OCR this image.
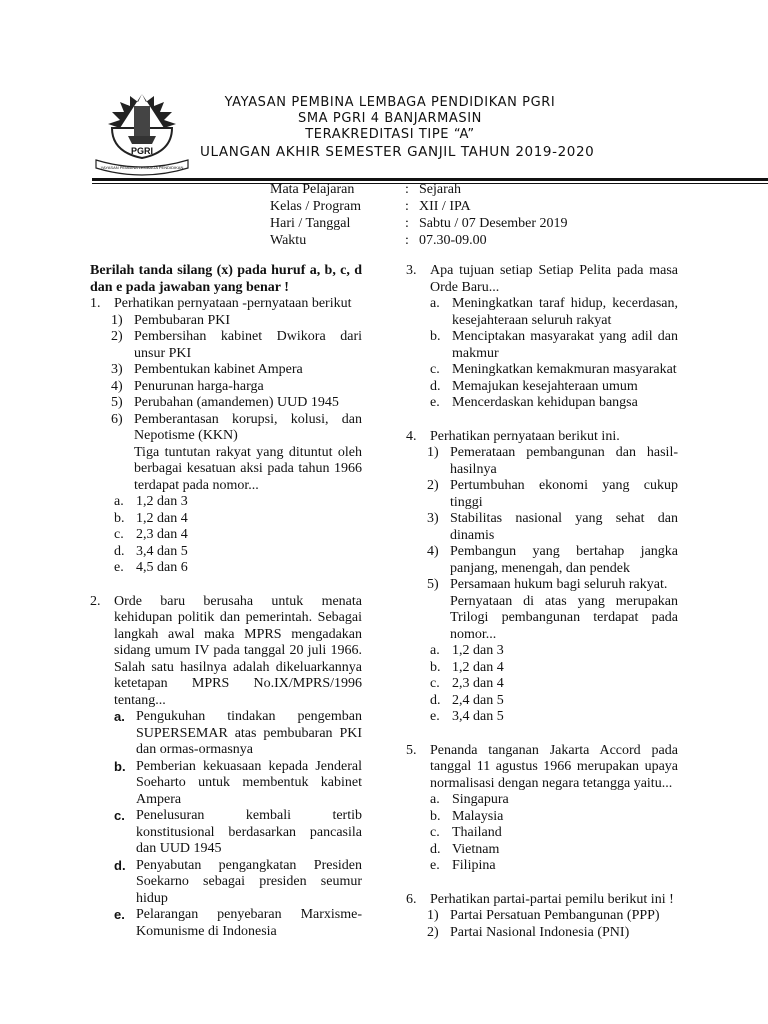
PGRI
YAYASAN PEMBINA LEMBAGA PENDIDIKAN
YAYASAN PEMBINA LEMBAGA PENDIDIKAN PGRI
SMA PGRI 4 BANJARMASIN
TERAKREDITASI TIPE “A”
ULANGAN AKHIR SEMESTER GANJIL TAHUN 2019-2020
Mata Pelajaran	: Sejarah
Kelas / Program	: XII / IPA
Hari / Tanggal	: Sabtu / 07 Desember 2019
Waktu	: 07.30-09.00
Berilah tanda silang (x) pada huruf a, b, c, d dan e pada jawaban yang benar !
1. Perhatikan pernyataan -pernyataan berikut
1) Pembubaran PKI
2) Pembersihan kabinet Dwikora dari unsur PKI
3) Pembentukan kabinet Ampera
4) Penurunan harga-harga
5) Perubahan (amandemen) UUD 1945
6) Pemberantasan korupsi, kolusi, dan Nepotisme (KKN)
Tiga tuntutan rakyat yang dituntut oleh berbagai kesatuan aksi pada tahun 1966 terdapat pada nomor...
a. 1,2 dan 3
b. 1,2 dan 4
c. 2,3 dan 4
d. 3,4 dan 5
e. 4,5 dan 6
2. Orde baru berusaha untuk menata kehidupan politik dan pemerintah. Sebagai langkah awal maka MPRS mengadakan sidang umum IV pada tanggal 20 juli 1966. Salah satu hasilnya adalah dikeluarkannya ketetapan MPRS No.IX/MPRS/1996 tentang...
a. Pengukuhan tindakan pengemban SUPERSEMAR atas pembubaran PKI dan ormas-ormasnya
b. Pemberian kekuasaan kepada Jenderal Soeharto untuk membentuk kabinet Ampera
c. Penelusuran kembali tertib konstitusional berdasarkan pancasila dan UUD 1945
d. Penyabutan pengangkatan Presiden Soekarno sebagai presiden seumur hidup
e. Pelarangan penyebaran Marxisme-Komunisme di Indonesia
3. Apa tujuan setiap Setiap Pelita pada masa Orde Baru...
a. Meningkatkan taraf hidup, kecerdasan, kesejahteraan seluruh rakyat
b. Menciptakan masyarakat yang adil dan makmur
c. Meningkatkan kemakmuran masyarakat
d. Memajukan kesejahteraan umum
e. Mencerdaskan kehidupan bangsa
4. Perhatikan pernyataan berikut ini.
1) Pemerataan pembangunan dan hasil-hasilnya
2) Pertumbuhan ekonomi yang cukup tinggi
3) Stabilitas nasional yang sehat dan dinamis
4) Pembangun yang bertahap jangka panjang, menengah, dan pendek
5) Persamaan hukum bagi seluruh rakyat.
Pernyataan di atas yang merupakan Trilogi pembangunan terdapat pada nomor...
a. 1,2 dan 3
b. 1,2 dan 4
c. 2,3 dan 4
d. 2,4 dan 5
e. 3,4 dan 5
5. Penanda tanganan Jakarta Accord pada tanggal 11 agustus 1966 merupakan upaya normalisasi dengan negara tetangga yaitu...
a. Singapura
b. Malaysia
c. Thailand
d. Vietnam
e. Filipina
6. Perhatikan partai-partai pemilu berikut ini !
1) Partai Persatuan Pembangunan (PPP)
2) Partai Nasional Indonesia (PNI)
